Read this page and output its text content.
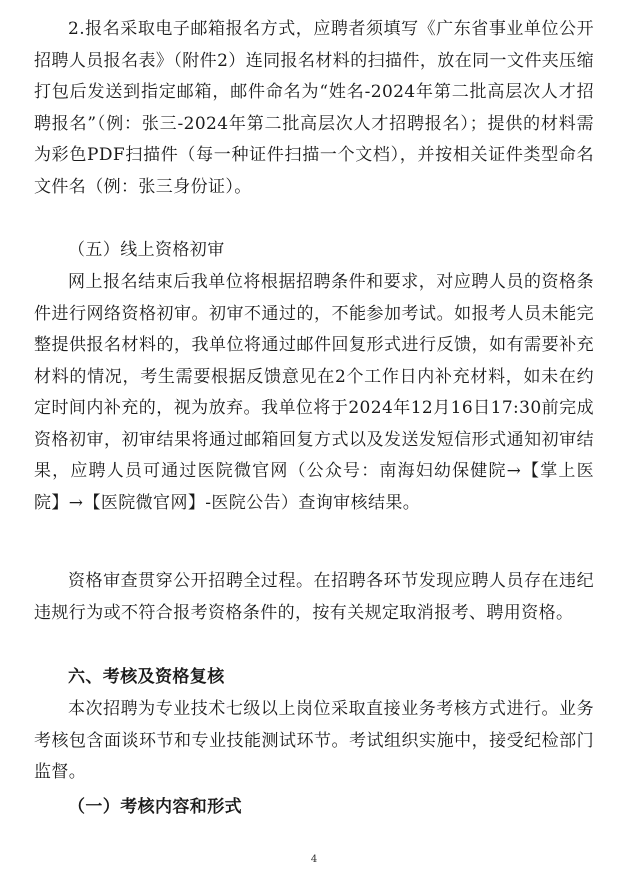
2.报名采取电子邮箱报名方式，应聘者须填写《广东省事业单位公开招聘人员报名表》（附件2）连同报名材料的扫描件，放在同一文件夹压缩打包后发送到指定邮箱，邮件命名为“姓名-2024年第二批高层次人才招聘报名”（例：张三-2024年第二批高层次人才招聘报名）；提供的材料需为彩色PDF扫描件（每一种证件扫描一个文档），并按相关证件类型命名文件名（例：张三身份证）。

（五）线上资格初审

网上报名结束后我单位将根据招聘条件和要求，对应聘人员的资格条件进行网络资格初审。初审不通过的，不能参加考试。如报考人员未能完整提供报名材料的，我单位将通过邮件回复形式进行反馈，如有需要补充材料的情况，考生需要根据反馈意见在2个工作日内补充材料，如未在约定时间内补充的，视为放弃。我单位将于2024年12月16日17:30前完成资格初审，初审结果将通过邮箱回复方式以及发送发短信形式通知初审结果，应聘人员可通过医院微官网（公众号：南海妇幼保健院→【掌上医院】→【医院微官网】-医院公告）查询审核结果。

资格审查贯穿公开招聘全过程。在招聘各环节发现应聘人员存在违纪违规行为或不符合报考资格条件的，按有关规定取消报考、聘用资格。

六、考核及资格复核

本次招聘为专业技术七级以上岗位采取直接业务考核方式进行。业务考核包含面谈环节和专业技能测试环节。考试组织实施中，接受纪检部门监督。

（一）考核内容和形式

4
